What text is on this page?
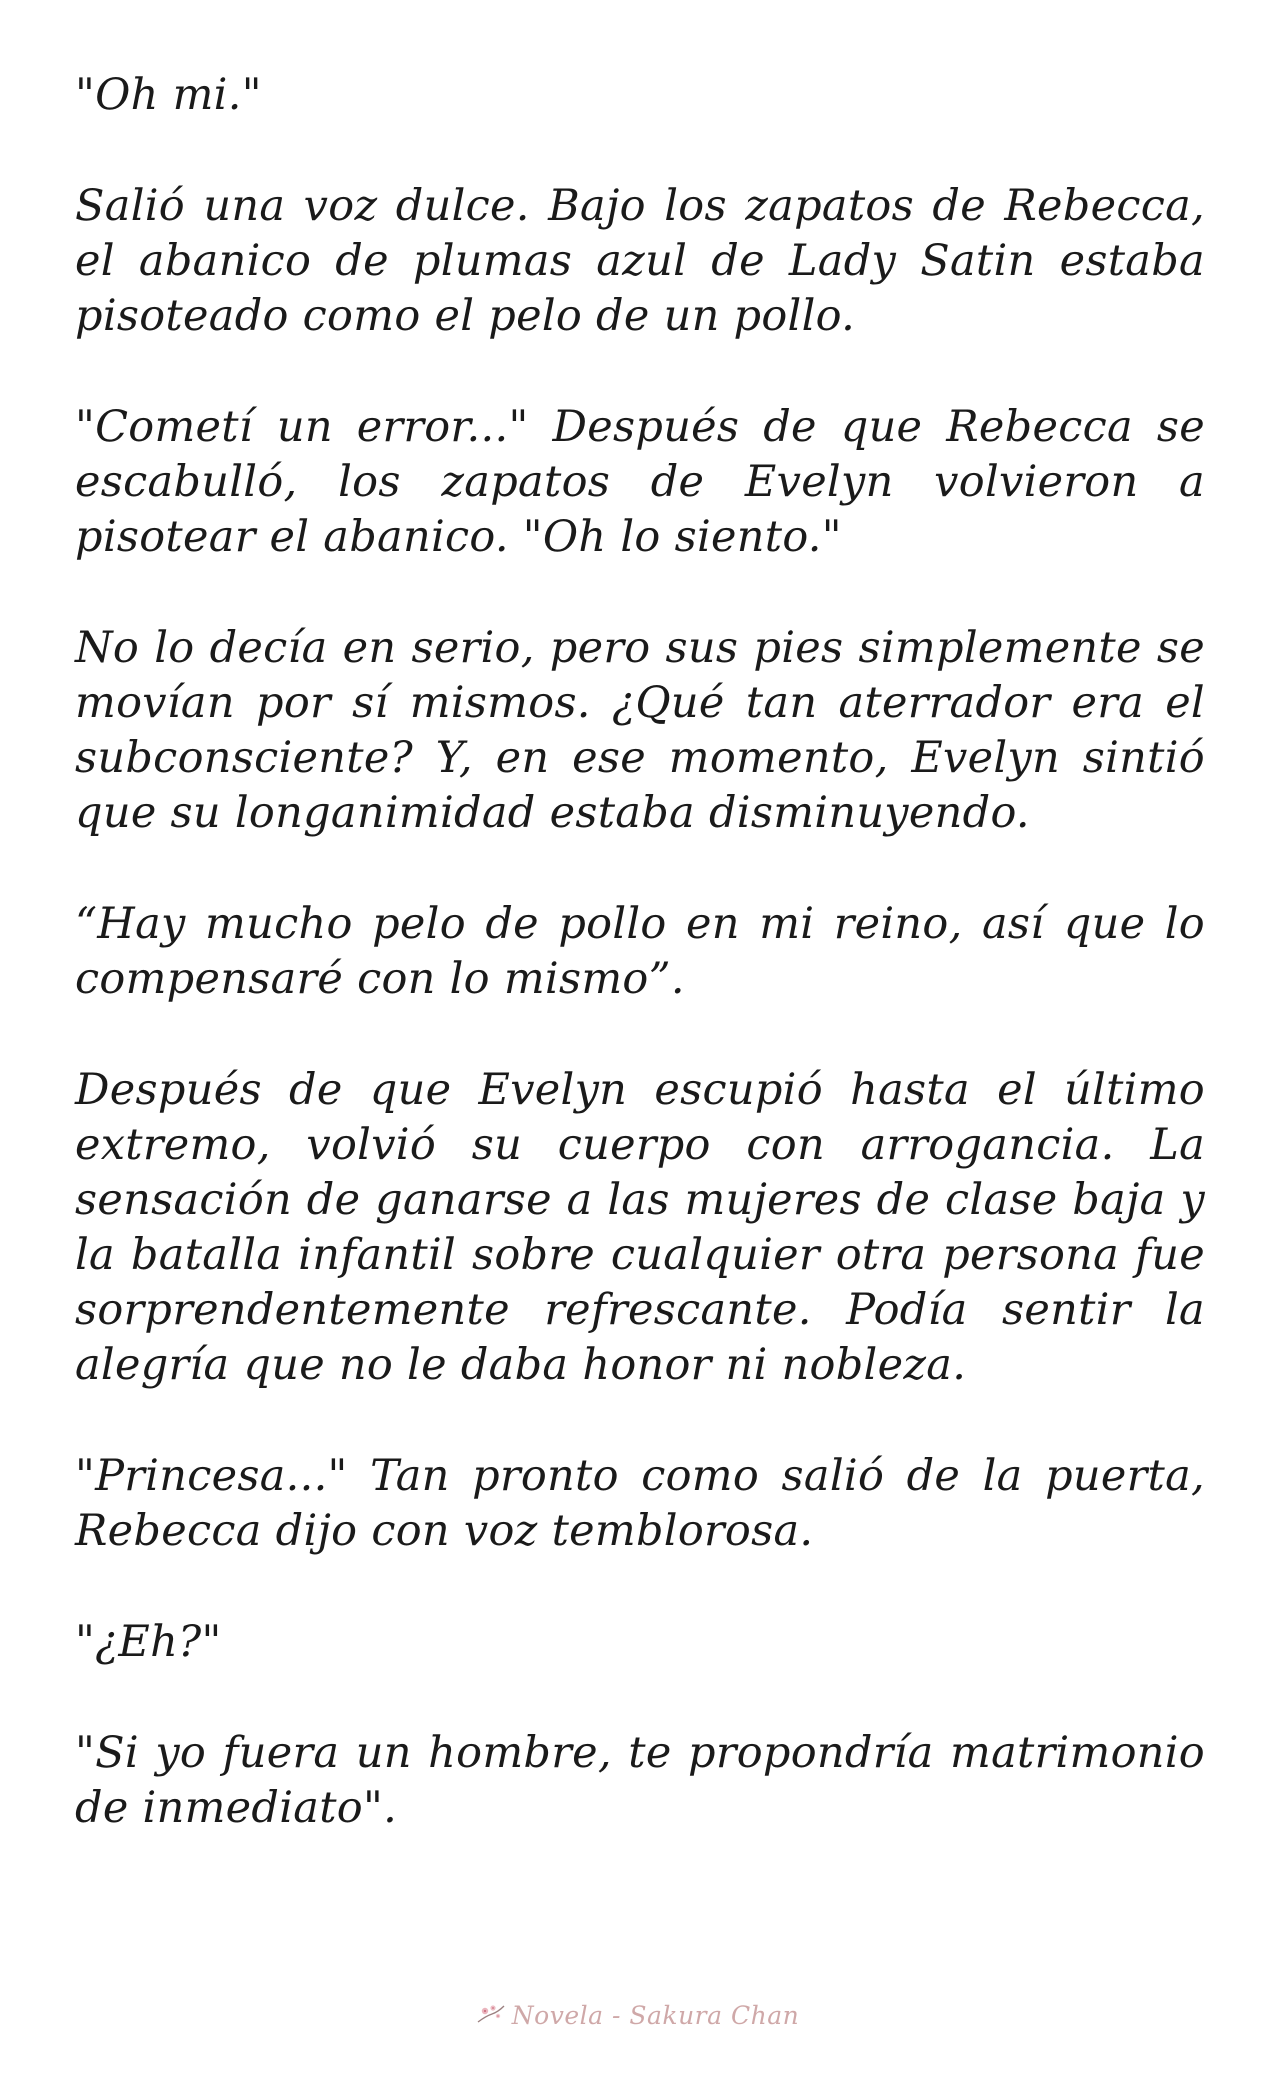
"Oh mi."

Salió una voz dulce. Bajo los zapatos de Rebecca, el abanico de plumas azul de Lady Satin estaba pisoteado como el pelo de un pollo.

"Cometí un error..." Después de que Rebecca se escabulló, los zapatos de Evelyn volvieron a pisotear el abanico. "Oh lo siento."

No lo decía en serio, pero sus pies simplemente se movían por sí mismos. ¿Qué tan aterrador era el subconsciente? Y, en ese momento, Evelyn sintió que su longanimidad estaba disminuyendo.

“Hay mucho pelo de pollo en mi reino, así que lo compensaré con lo mismo”.

Después de que Evelyn escupió hasta el último extremo, volvió su cuerpo con arrogancia. La sensación de ganarse a las mujeres de clase baja y la batalla infantil sobre cualquier otra persona fue sorprendentemente refrescante. Podía sentir la alegría que no le daba honor ni nobleza.

"Princesa..." Tan pronto como salió de la puerta, Rebecca dijo con voz temblorosa.

"¿Eh?"

"Si yo fuera un hombre, te propondría matrimonio de inmediato".

Novela - Sakura Chan
